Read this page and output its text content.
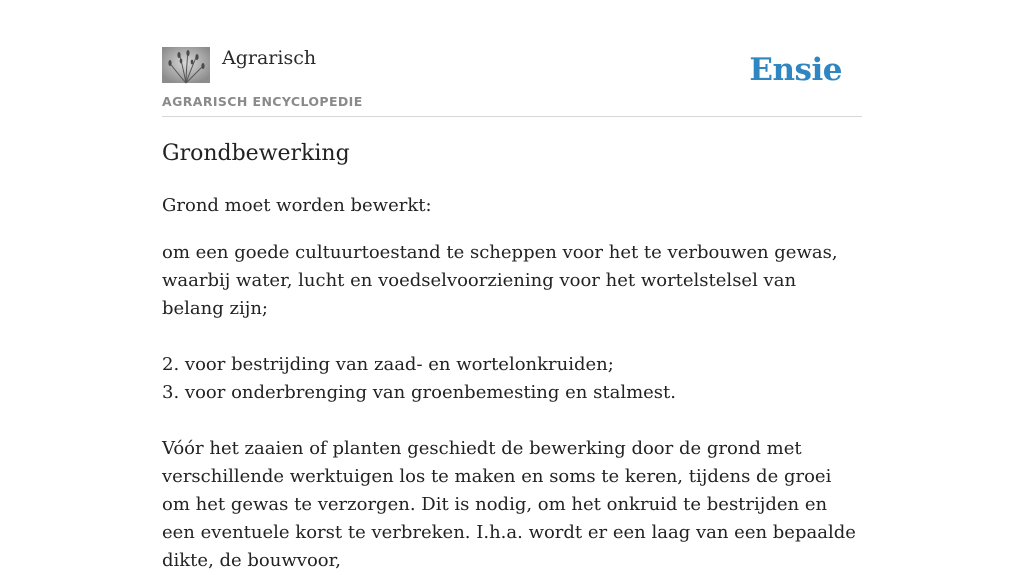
Agrarisch
AGRARISCH ENCYCLOPEDIE
Ensie
Grondbewerking

Grond moet worden bewerkt:

om een goede cultuurtoestand te scheppen voor het te verbouwen gewas, waarbij water, lucht en voedselvoorziening voor het wortelstelsel van belang zijn;

2. voor bestrijding van zaad- en wortelonkruiden;
3. voor onderbrenging van groenbemesting en stalmest.

Vóór het zaaien of planten geschiedt de bewerking door de grond met verschillende werktuigen los te maken en soms te keren, tijdens de groei om het gewas te verzorgen. Dit is nodig, om het onkruid te bestrijden en een eventuele korst te verbreken. I.h.a. wordt er een laag van een bepaalde dikte, de bouwvoor,
